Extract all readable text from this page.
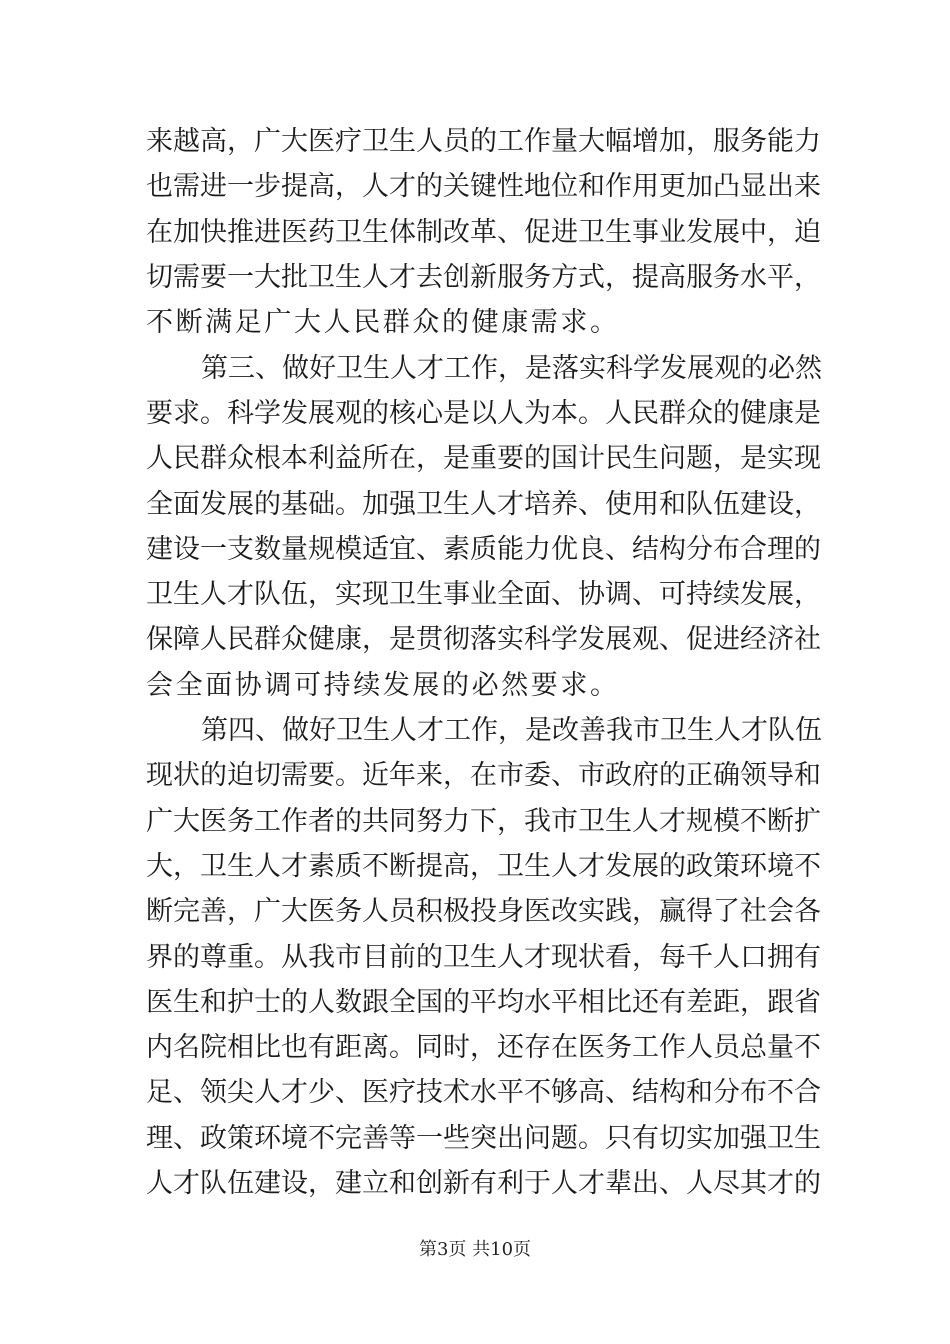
来越高，广大医疗卫生人员的工作量大幅增加，服务能力
也需进一步提高，人才的关键性地位和作用更加凸显出来
在加快推进医药卫生体制改革、促进卫生事业发展中，迫
切需要一大批卫生人才去创新服务方式，提高服务水平，
不断满足广大人民群众的健康需求。
第三、做好卫生人才工作，是落实科学发展观的必然
要求。科学发展观的核心是以人为本。人民群众的健康是
人民群众根本利益所在，是重要的国计民生问题，是实现
全面发展的基础。加强卫生人才培养、使用和队伍建设，
建设一支数量规模适宜、素质能力优良、结构分布合理的
卫生人才队伍，实现卫生事业全面、协调、可持续发展，
保障人民群众健康，是贯彻落实科学发展观、促进经济社
会全面协调可持续发展的必然要求。
第四、做好卫生人才工作，是改善我市卫生人才队伍
现状的迫切需要。近年来，在市委、市政府的正确领导和
广大医务工作者的共同努力下，我市卫生人才规模不断扩
大，卫生人才素质不断提高，卫生人才发展的政策环境不
断完善，广大医务人员积极投身医改实践，赢得了社会各
界的尊重。从我市目前的卫生人才现状看，每千人口拥有
医生和护士的人数跟全国的平均水平相比还有差距，跟省
内名院相比也有距离。同时，还存在医务工作人员总量不
足、领尖人才少、医疗技术水平不够高、结构和分布不合
理、政策环境不完善等一些突出问题。只有切实加强卫生
人才队伍建设，建立和创新有利于人才辈出、人尽其才的
第3页 共10页
